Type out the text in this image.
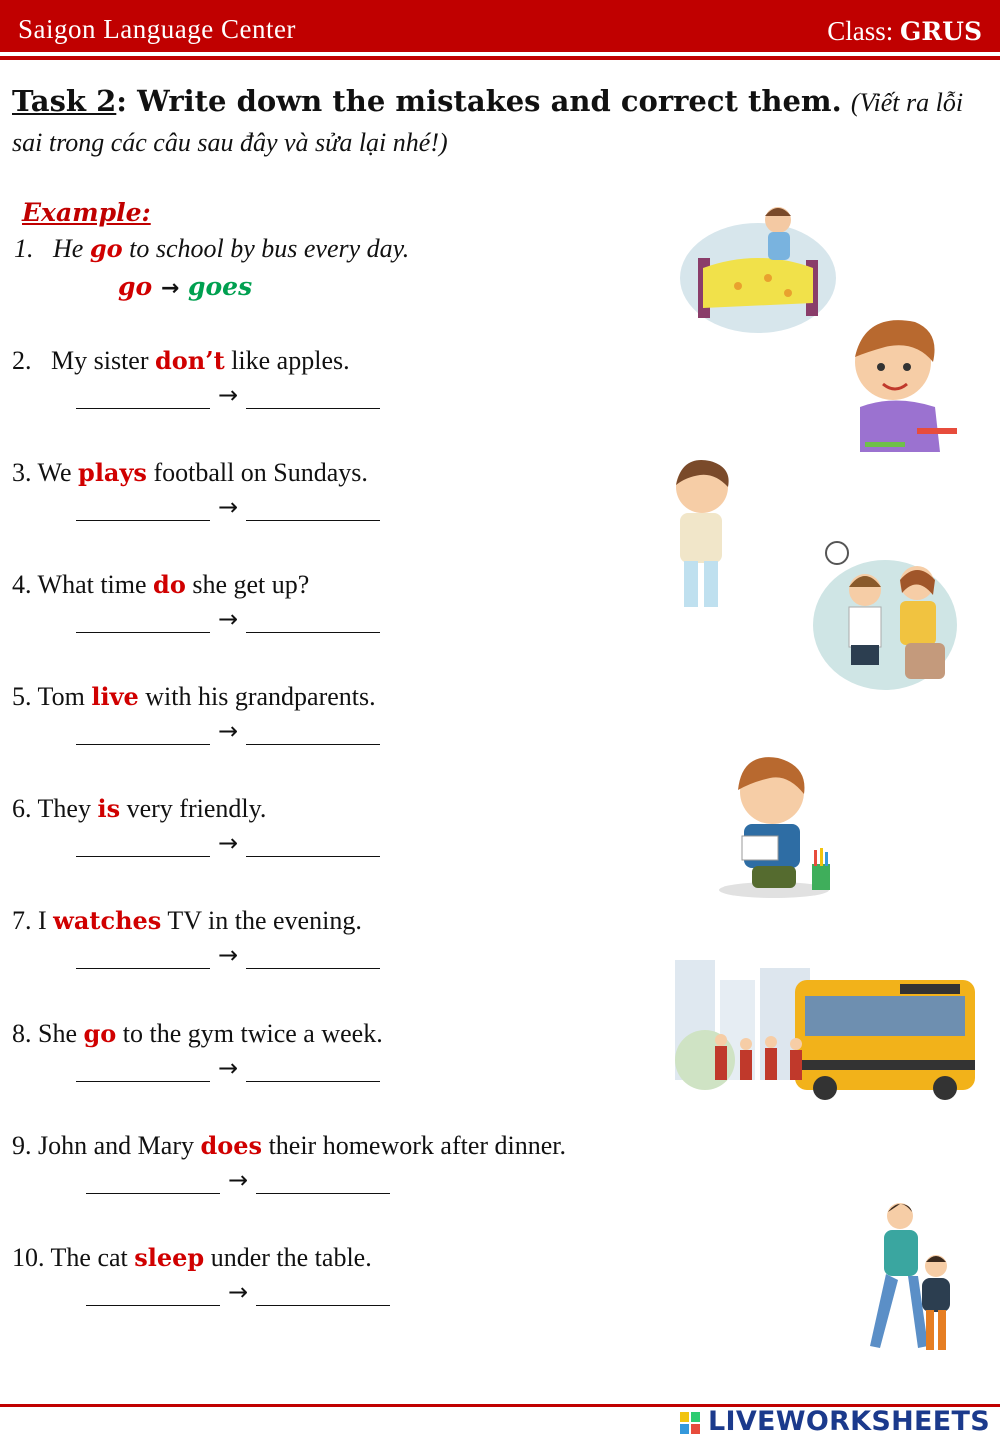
Saigon Language Center	Class: GRUS
Task 2: Write down the mistakes and correct them. (Viết ra lỗi sai trong các câu sau đây và sửa lại nhé!)
Example:
1. He go to school by bus every day.
go → goes
2. My sister don’t like apples.
→
3. We plays football on Sundays.
→
4. What time do she get up?
→
5. Tom live with his grandparents.
→
6. They is very friendly.
→
7. I watches TV in the evening.
→
8. She go to the gym twice a week.
→
9. John and Mary does their homework after dinner.
→
10. The cat sleep under the table.
→
LIVEWORKSHEETS
